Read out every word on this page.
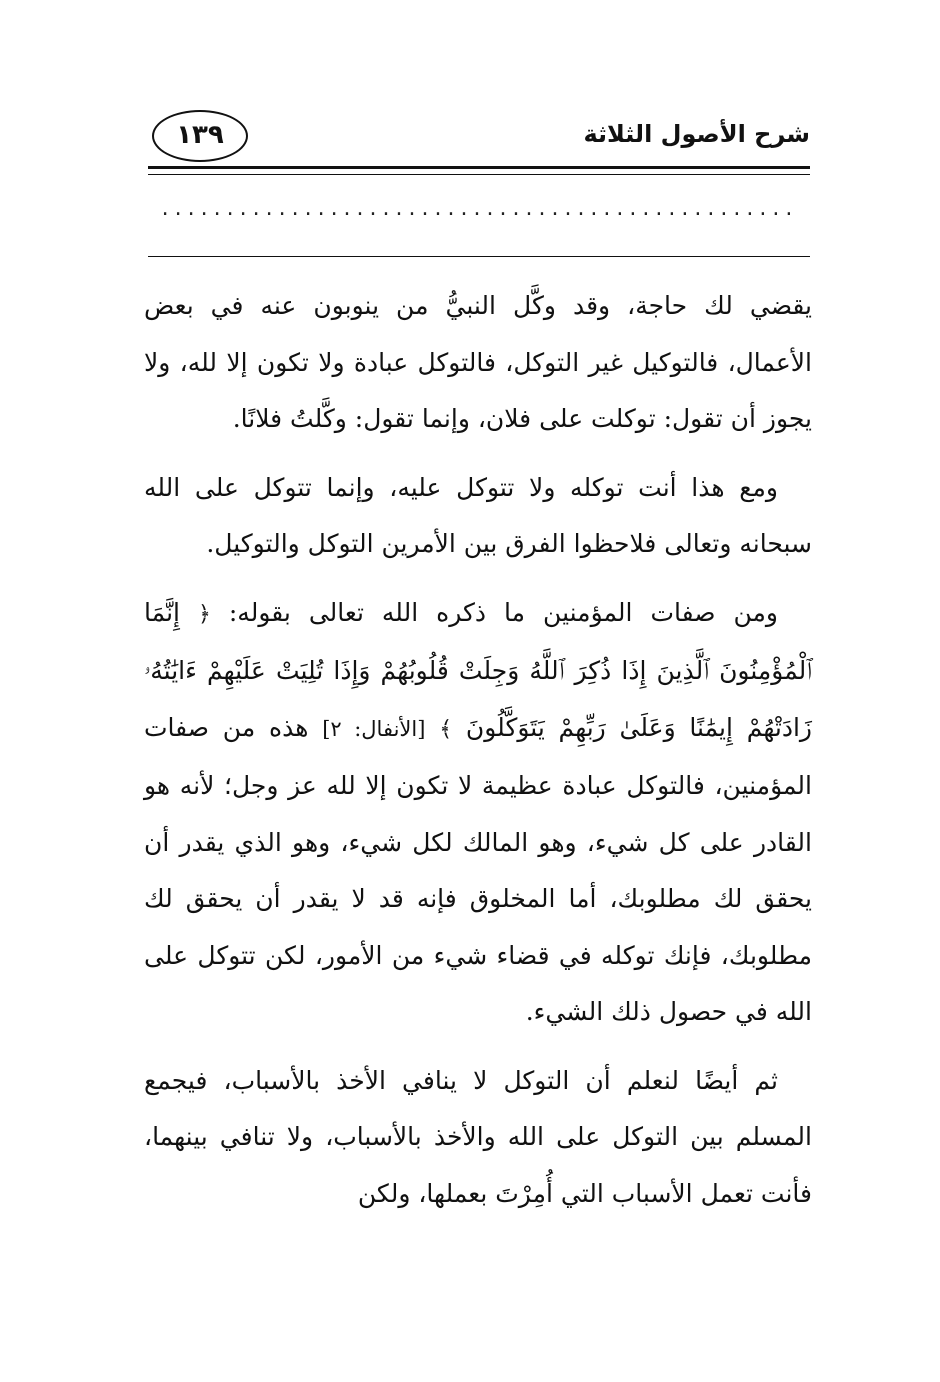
شرح الأصول الثلاثة
١٣٩
.................................................

يقضي لك حاجة، وقد وكَّل النبيُّ من ينوبون عنه في بعض الأعمال، فالتوكيل غير التوكل، فالتوكل عبادة ولا تكون إلا لله، ولا يجوز أن تقول: توكلت على فلان، وإنما تقول: وكَّلتُ فلانًا.

ومع هذا أنت توكله ولا تتوكل عليه، وإنما تتوكل على الله سبحانه وتعالى فلاحظوا الفرق بين الأمرين التوكل والتوكيل.

ومن صفات المؤمنين ما ذكره الله تعالى بقوله: ﴿ إِنَّمَا ٱلْمُؤْمِنُونَ ٱلَّذِينَ إِذَا ذُكِرَ ٱللَّهُ وَجِلَتْ قُلُوبُهُمْ وَإِذَا تُلِيَتْ عَلَيْهِمْ ءَايَٰتُهُۥ زَادَتْهُمْ إِيمَٰنًا وَعَلَىٰ رَبِّهِمْ يَتَوَكَّلُونَ ﴾ [الأنفال: ٢] هذه من صفات المؤمنين، فالتوكل عبادة عظيمة لا تكون إلا لله عز وجل؛ لأنه هو القادر على كل شيء، وهو المالك لكل شيء، وهو الذي يقدر أن يحقق لك مطلوبك، أما المخلوق فإنه قد لا يقدر أن يحقق لك مطلوبك، فإنك توكله في قضاء شيء من الأمور، لكن تتوكل على الله في حصول ذلك الشيء.

ثم أيضًا لنعلم أن التوكل لا ينافي الأخذ بالأسباب، فيجمع المسلم بين التوكل على الله والأخذ بالأسباب، ولا تنافي بينهما، فأنت تعمل الأسباب التي أُمِرْتَ بعملها، ولكن
